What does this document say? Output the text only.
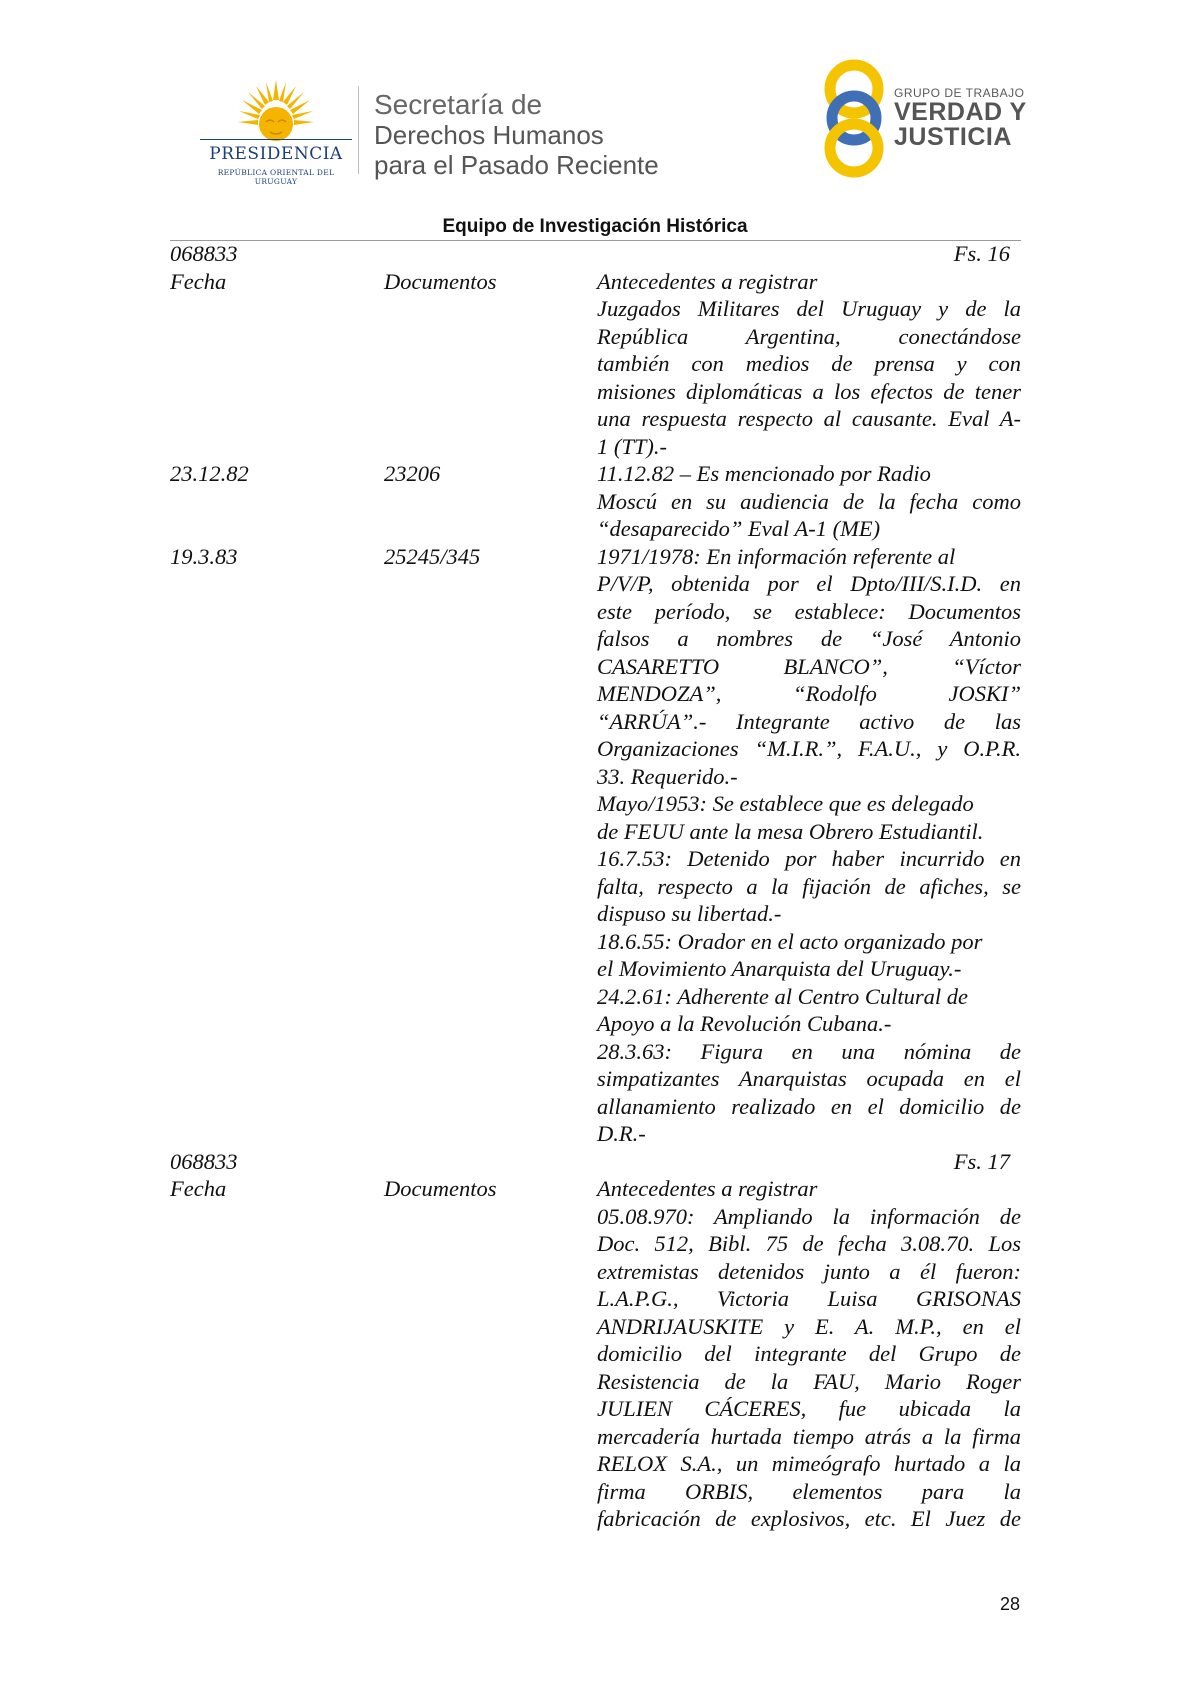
PRESIDENCIA
REPÚBLICA ORIENTAL DEL URUGUAY
Secretaría de
Derechos Humanos
para el Pasado Reciente
GRUPO DE TRABAJO
VERDAD Y
JUSTICIA
Equipo de Investigación Histórica
068833	Fs. 16
Fecha	Documentos	Antecedentes a registrar
Juzgados Militares del Uruguay y de la
República Argentina, conectándose
también con medios de prensa y con
misiones diplomáticas a los efectos de tener
una respuesta respecto al causante. Eval A-
1 (TT).-
23.12.82	23206	11.12.82 – Es mencionado por Radio
Moscú en su audiencia de la fecha como
“desaparecido” Eval A-1 (ME)
19.3.83	25245/345	1971/1978: En información referente al
P/V/P, obtenida por el Dpto/III/S.I.D. en
este período, se establece: Documentos
falsos a nombres de “José Antonio
CASARETTO BLANCO”, “Víctor
MENDOZA”, “Rodolfo JOSKI”
“ARRÚA”.- Integrante activo de las
Organizaciones “M.I.R.”, F.A.U., y O.P.R.
33. Requerido.-
Mayo/1953: Se establece que es delegado
de FEUU ante la mesa Obrero Estudiantil.
16.7.53: Detenido por haber incurrido en
falta, respecto a la fijación de afiches, se
dispuso su libertad.-
18.6.55: Orador en el acto organizado por
el Movimiento Anarquista del Uruguay.-
24.2.61: Adherente al Centro Cultural de
Apoyo a la Revolución Cubana.-
28.3.63: Figura en una nómina de
simpatizantes Anarquistas ocupada en el
allanamiento realizado en el domicilio de
D.R.-
068833	Fs. 17
Fecha	Documentos	Antecedentes a registrar
05.08.970: Ampliando la información de
Doc. 512, Bibl. 75 de fecha 3.08.70. Los
extremistas detenidos junto a él fueron:
L.A.P.G., Victoria Luisa GRISONAS
ANDRIJAUSKITE y E. A. M.P., en el
domicilio del integrante del Grupo de
Resistencia de la FAU, Mario Roger
JULIEN CÁCERES, fue ubicada la
mercadería hurtada tiempo atrás a la firma
RELOX S.A., un mimeógrafo hurtado a la
firma ORBIS, elementos para la
fabricación de explosivos, etc. El Juez de
28
